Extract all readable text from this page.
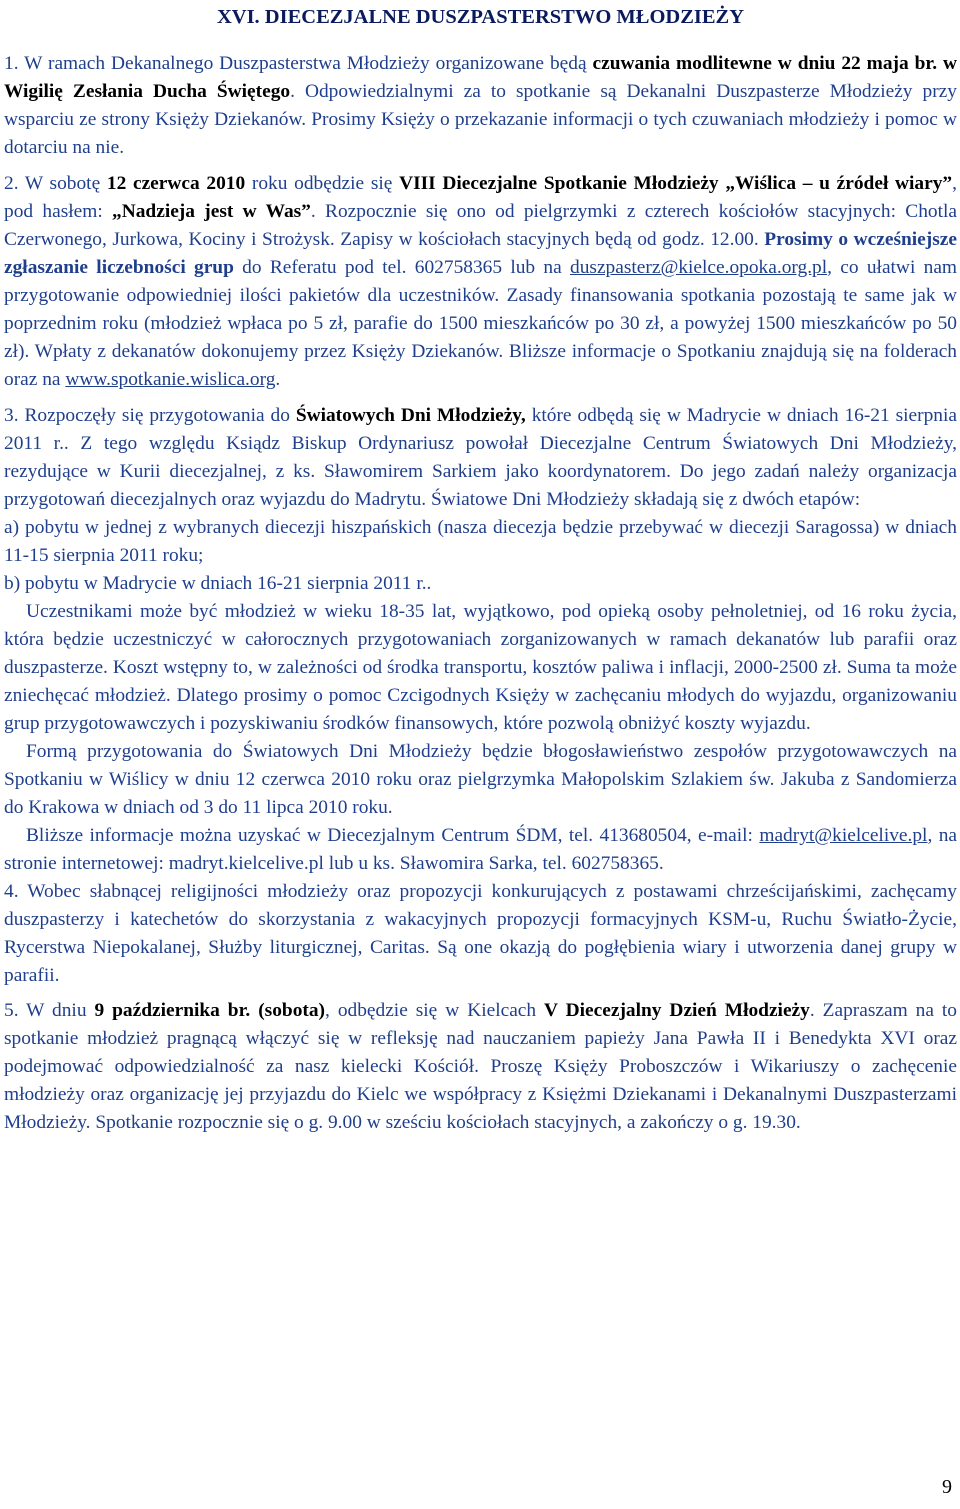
XVI. DIECEZJALNE DUSZPASTERSTWO MŁODZIEŻY

1. W ramach Dekanalnego Duszpasterstwa Młodzieży organizowane będą czuwania modlitewne w dniu 22 maja br. w Wigilię Zesłania Ducha Świętego. Odpowiedzialnymi za to spotkanie są Dekanalni Duszpasterze Młodzieży przy wsparciu ze strony Księży Dziekanów. Prosimy Księży o przekazanie informacji o tych czuwaniach młodzieży i pomoc w dotarciu na nie.

2. W sobotę 12 czerwca 2010 roku odbędzie się VIII Diecezjalne Spotkanie Młodzieży „Wiślica – u źródeł wiary”, pod hasłem: „Nadzieja jest w Was”. Rozpocznie się ono od pielgrzymki z czterech kościołów stacyjnych: Chotla Czerwonego, Jurkowa, Kociny i Strożysk. Zapisy w kościołach stacyjnych będą od godz. 12.00. Prosimy o wcześniejsze zgłaszanie liczebności grup do Referatu pod tel. 602758365 lub na duszpasterz@kielce.opoka.org.pl, co ułatwi nam przygotowanie odpowiedniej ilości pakietów dla uczestników. Zasady finansowania spotkania pozostają te same jak w poprzednim roku (młodzież wpłaca po 5 zł, parafie do 1500 mieszkańców po 30 zł, a powyżej 1500 mieszkańców po 50 zł). Wpłaty z dekanatów dokonujemy przez Księży Dziekanów. Bliższe informacje o Spotkaniu znajdują się na folderach oraz na www.spotkanie.wislica.org.

3. Rozpoczęły się przygotowania do Światowych Dni Młodzieży, które odbędą się w Madrycie w dniach 16-21 sierpnia 2011 r.. Z tego względu Ksiądz Biskup Ordynariusz powołał Diecezjalne Centrum Światowych Dni Młodzieży, rezydujące w Kurii diecezjalnej, z ks. Sławomirem Sarkiem jako koordynatorem. Do jego zadań należy organizacja przygotowań diecezjalnych oraz wyjazdu do Madrytu. Światowe Dni Młodzieży składają się z dwóch etapów:

a) pobytu w jednej z wybranych diecezji hiszpańskich (nasza diecezja będzie przebywać w diecezji Saragossa) w dniach 11-15 sierpnia 2011 roku;

b) pobytu w Madrycie w dniach 16-21 sierpnia 2011 r..

Uczestnikami może być młodzież w wieku 18-35 lat, wyjątkowo, pod opieką osoby pełnoletniej, od 16 roku życia, która będzie uczestniczyć w całorocznych przygotowaniach zorganizowanych w ramach dekanatów lub parafii oraz duszpasterze. Koszt wstępny to, w zależności od środka transportu, kosztów paliwa i inflacji, 2000-2500 zł. Suma ta może zniechęcać młodzież. Dlatego prosimy o pomoc Czcigodnych Księży w zachęcaniu młodych do wyjazdu, organizowaniu grup przygotowawczych i pozyskiwaniu środków finansowych, które pozwolą obniżyć koszty wyjazdu.

Formą przygotowania do Światowych Dni Młodzieży będzie błogosławieństwo zespołów przygotowawczych na Spotkaniu w Wiślicy w dniu 12 czerwca 2010 roku oraz pielgrzymka Małopolskim Szlakiem św. Jakuba z Sandomierza do Krakowa w dniach od 3 do 11 lipca 2010 roku.

Bliższe informacje można uzyskać w Diecezjalnym Centrum ŚDM, tel. 413680504, e-mail: madryt@kielcelive.pl, na stronie internetowej: madryt.kielcelive.pl lub u ks. Sławomira Sarka, tel. 602758365.

4. Wobec słabnącej religijności młodzieży oraz propozycji konkurujących z postawami chrześcijańskimi, zachęcamy duszpasterzy i katechetów do skorzystania z wakacyjnych propozycji formacyjnych KSM-u, Ruchu Światło-Życie, Rycerstwa Niepokalanej, Służby liturgicznej, Caritas. Są one okazją do pogłębienia wiary i utworzenia danej grupy w parafii.

5. W dniu 9 października br. (sobota), odbędzie się w Kielcach V Diecezjalny Dzień Młodzieży. Zapraszam na to spotkanie młodzież pragnącą włączyć się w refleksję nad nauczaniem papieży Jana Pawła II i Benedykta XVI oraz podejmować odpowiedzialność za nasz kielecki Kościół. Proszę Księży Proboszczów i Wikariuszy o zachęcenie młodzieży oraz organizację jej przyjazdu do Kielc we współpracy z Księżmi Dziekanami i Dekanalnymi Duszpasterzami Młodzieży. Spotkanie rozpocznie się o g. 9.00 w sześciu kościołach stacyjnych, a zakończy o g. 19.30.

9
